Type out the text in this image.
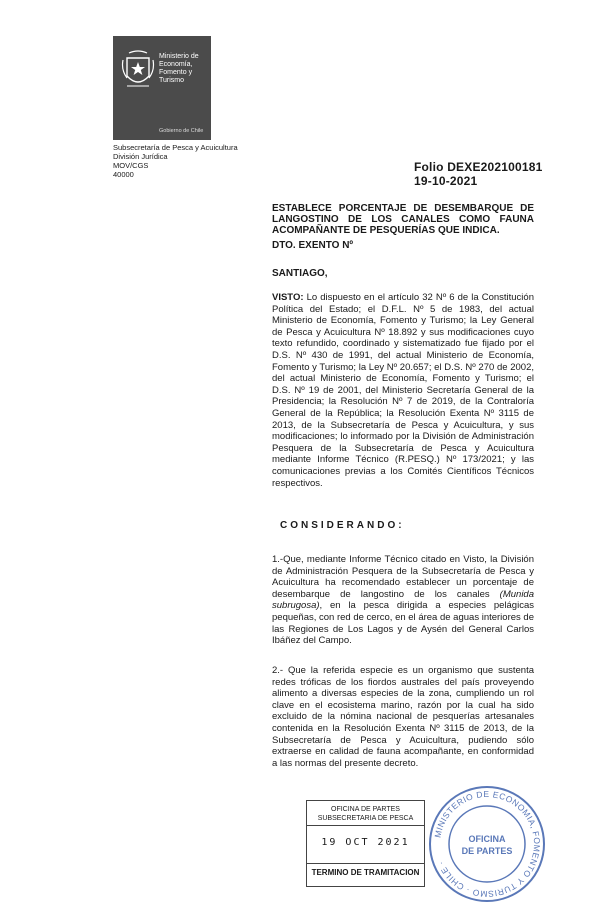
Ministerio de
Economía,
Fomento y
Turismo
Gobierno de Chile
Subsecretaría de Pesca y Acuicultura
División Jurídica
MOV/CGS
40000
Folio DEXE202100181
19-10-2021
ESTABLECE PORCENTAJE DE DESEMBARQUE DE LANGOSTINO DE LOS CANALES COMO FAUNA ACOMPAÑANTE DE PESQUERÍAS QUE INDICA.
DTO. EXENTO Nº
SANTIAGO,
VISTO: Lo dispuesto en el artículo 32 Nº 6 de la Constitución Política del Estado; el D.F.L. Nº 5 de 1983, del actual Ministerio de Economía, Fomento y Turismo; la Ley General de Pesca y Acuicultura Nº 18.892 y sus modificaciones cuyo texto refundido, coordinado y sistematizado fue fijado por el D.S. Nº 430 de 1991, del actual Ministerio de Economía, Fomento y Turismo; la Ley Nº 20.657; el D.S. Nº 270 de 2002, del actual Ministerio de Economía, Fomento y Turismo; el D.S. Nº 19 de 2001, del Ministerio Secretaría General de la Presidencia; la Resolución Nº 7 de 2019, de la Contraloría General de la República; la Resolución Exenta Nº 3115 de 2013, de la Subsecretaría de Pesca y Acuicultura, y sus modificaciones; lo informado por la División de Administración Pesquera de la Subsecretaría de Pesca y Acuicultura mediante Informe Técnico (R.PESQ.) Nº 173/2021; y las comunicaciones previas a los Comités Científicos Técnicos respectivos.
CONSIDERANDO:
1.-Que, mediante Informe Técnico citado en Visto, la División de Administración Pesquera de la Subsecretaría de Pesca y Acuicultura ha recomendado establecer un porcentaje de desembarque de langostino de los canales (Munida subrugosa), en la pesca dirigida a especies pelágicas pequeñas, con red de cerco, en el área de aguas interiores de las Regiones de Los Lagos y de Aysén del General Carlos Ibáñez del Campo.
2.- Que la referida especie es un organismo que sustenta redes tróficas de los fiordos australes del país proveyendo alimento a diversas especies de la zona, cumpliendo un rol clave en el ecosistema marino, razón por la cual ha sido excluido de la nómina nacional de pesquerías artesanales contenida en la Resolución Exenta Nº 3115 de 2013, de la Subsecretaría de Pesca y Acuicultura, pudiendo sólo extraerse en calidad de fauna acompañante, en conformidad a las normas del presente decreto.
OFICINA DE PARTES
SUBSECRETARIA DE PESCA
19 OCT 2021
TERMINO DE TRAMITACION
MINISTERIO DE ECONOMIA, FOMENTO Y TURISMO · CHILE ·
OFICINA
DE PARTES
